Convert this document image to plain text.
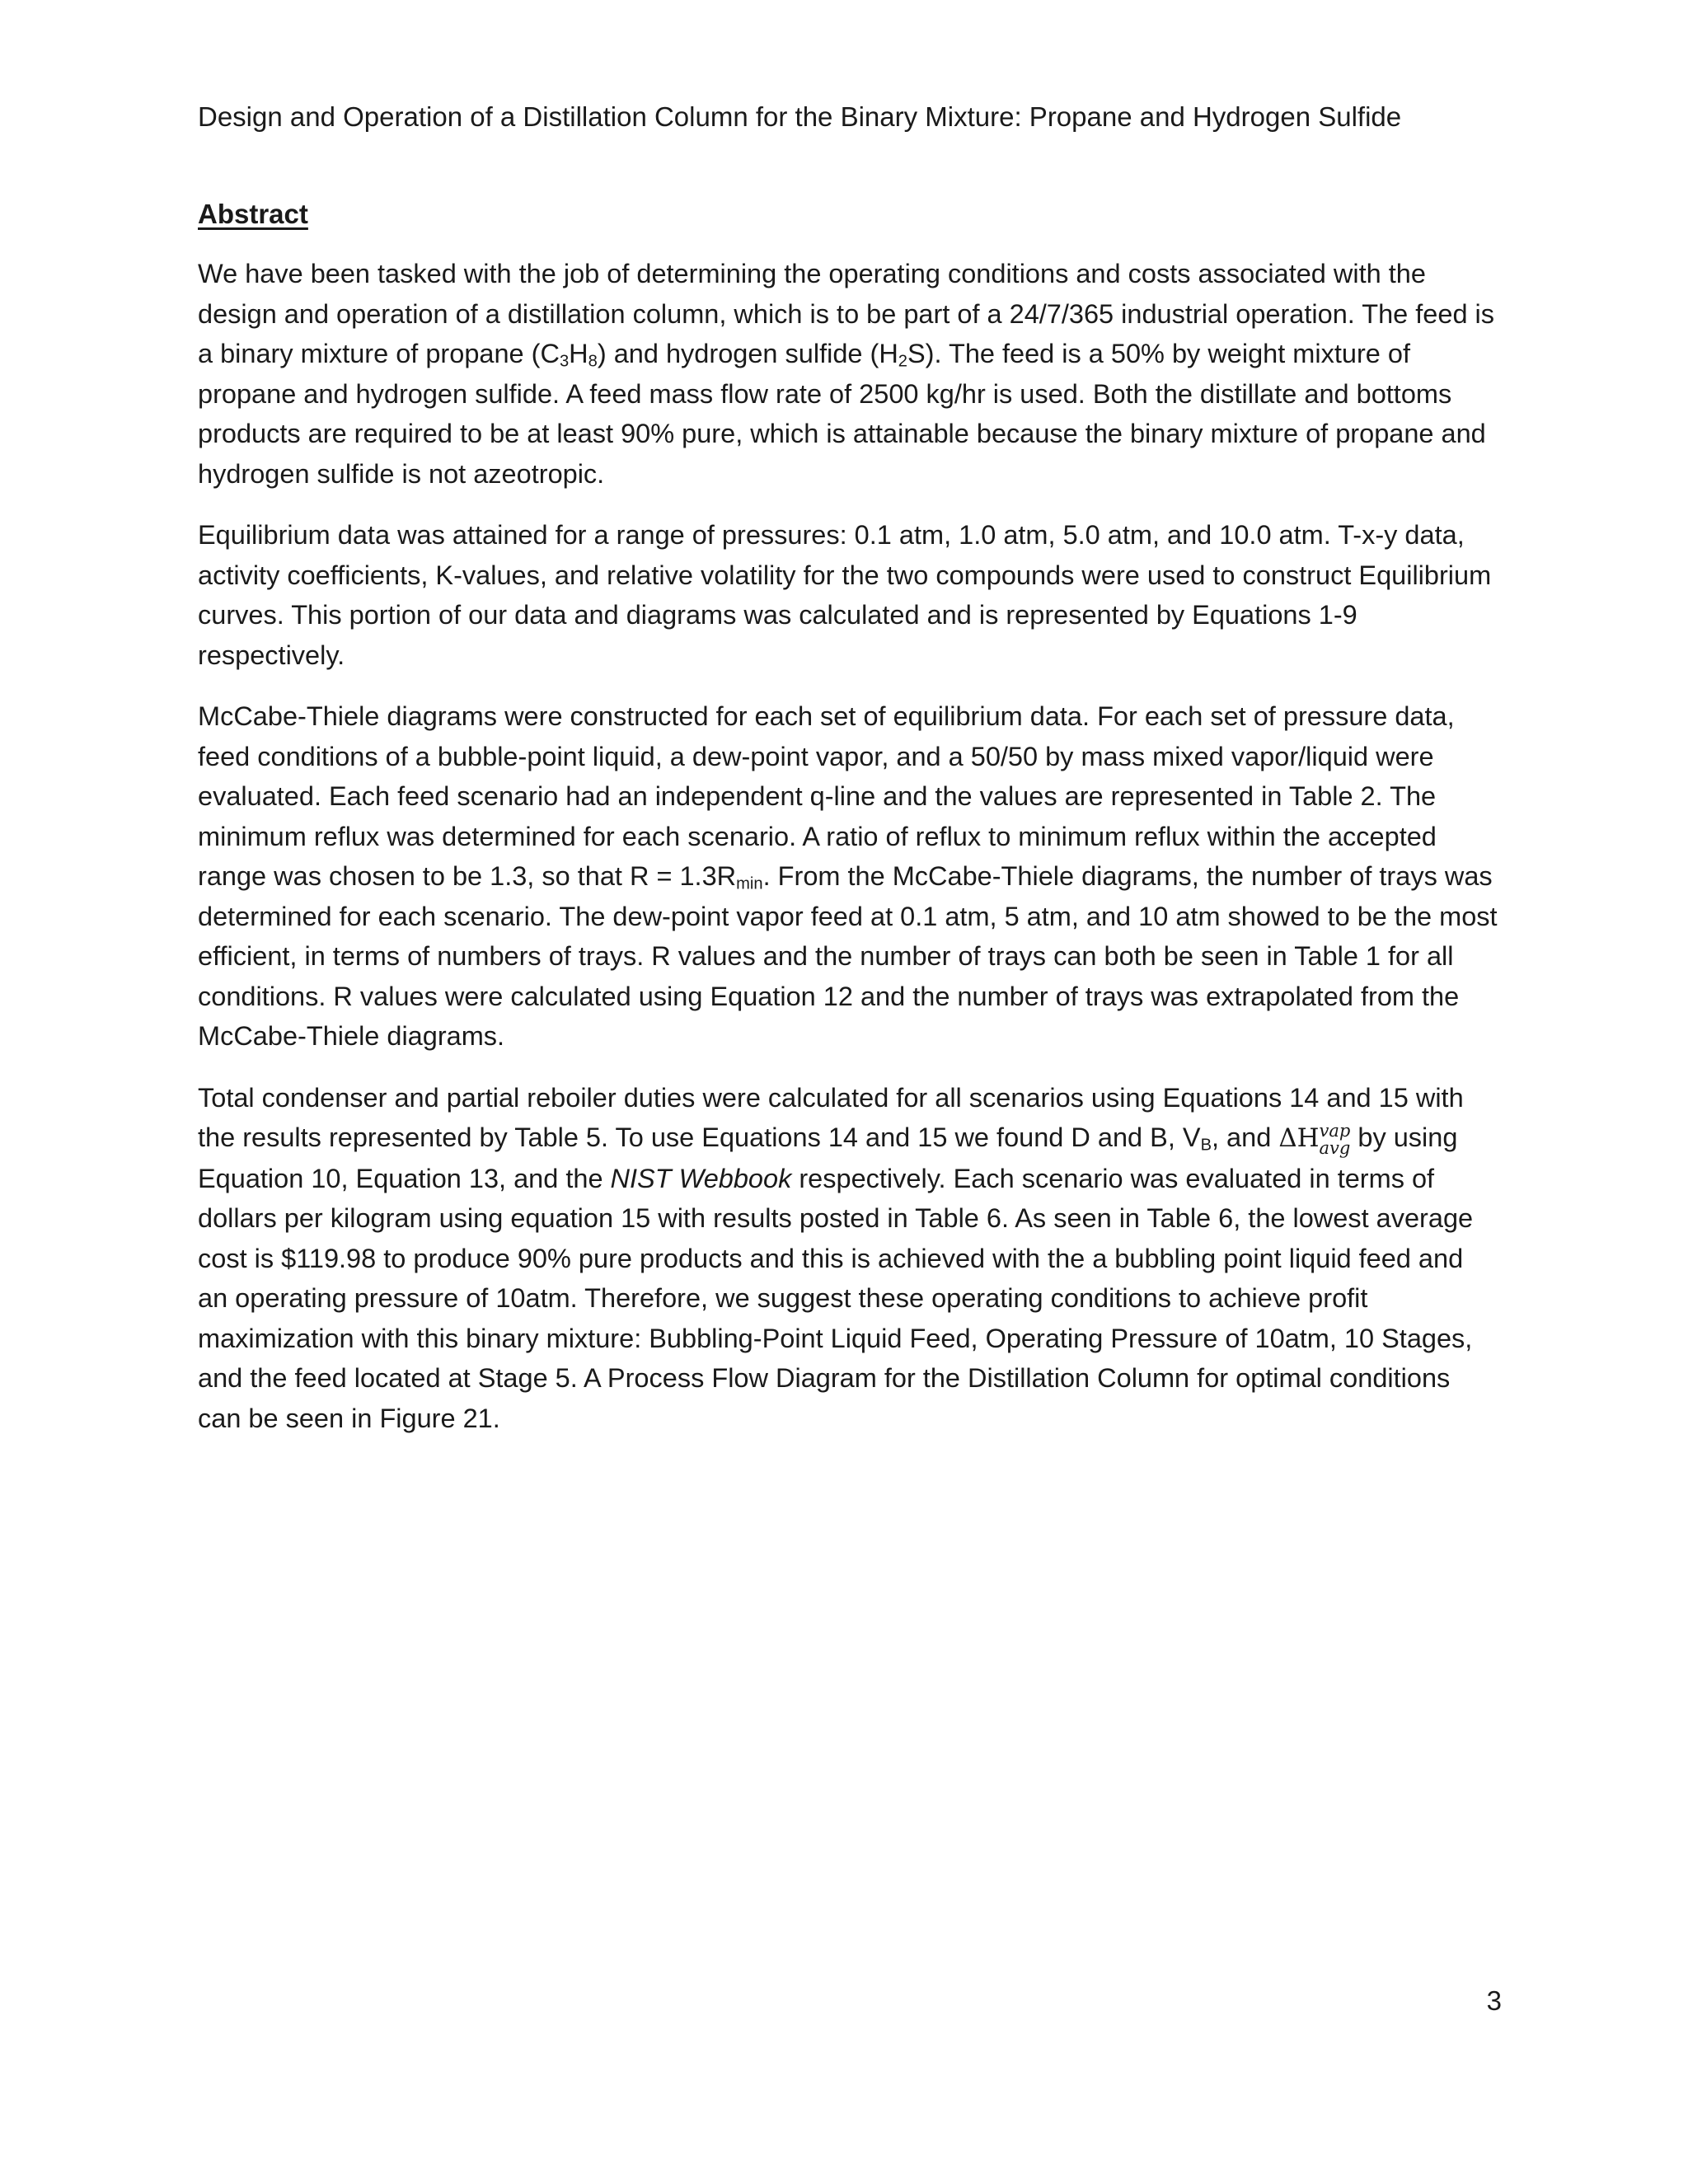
Design and Operation of a Distillation Column for the Binary Mixture: Propane and Hydrogen Sulfide
Abstract

We have been tasked with the job of determining the operating conditions and costs associated with the design and operation of a distillation column, which is to be part of a 24/7/365 industrial operation. The feed is a binary mixture of propane $(C_3H_8)$ and hydrogen sulfide $(H_2S)$. The feed is a 50% by weight mixture of propane and hydrogen sulfide. A feed mass flow rate of 2500 kg/hr is used. Both the distillate and bottoms products are required to be at least 90% pure, which is attainable because the binary mixture of propane and hydrogen sulfide is not azeotropic.

Equilibrium data was attained for a range of pressures: 0.1 atm, 1.0 atm, 5.0 atm, and 10.0 atm. T-x-y data, activity coefficients, K-values, and relative volatility for the two compounds were used to construct Equilibrium curves. This portion of our data and diagrams was calculated and is represented by Equations 1-9 respectively.

McCabe-Thiele diagrams were constructed for each set of equilibrium data. For each set of pressure data, feed conditions of a bubble-point liquid, a dew-point vapor, and a 50/50 by mass mixed vapor/liquid were evaluated. Each feed scenario had an independent q-line and the values are represented in Table 2. The minimum reflux was determined for each scenario. A ratio of reflux to minimum reflux within the accepted range was chosen to be 1.3, so that $R = 1.3R_{min}$. From the McCabe-Thiele diagrams, the number of trays was determined for each scenario. The dew-point vapor feed at 0.1 atm, 5 atm, and 10 atm showed to be the most efficient, in terms of numbers of trays. R values and the number of trays can both be seen in Table 1 for all conditions. R values were calculated using Equation 12 and the number of trays was extrapolated from the McCabe-Thiele diagrams.

Total condenser and partial reboiler duties were calculated for all scenarios using Equations 14 and 15 with the results represented by Table 5. To use Equations 14 and 15 we found D and B, $V_B$, and ΔH vap
avg by using Equation 10, Equation 13, and the NIST Webbook respectively. Each scenario was evaluated in terms of dollars per kilogram using equation 15 with results posted in Table 6. As seen in Table 6, the lowest average cost is $119.98 to produce 90% pure products and this is achieved with the a bubbling point liquid feed and an operating pressure of 10atm. Therefore, we suggest these operating conditions to achieve profit maximization with this binary mixture: Bubbling-Point Liquid Feed, Operating Pressure of 10atm, 10 Stages, and the feed located at Stage 5. A Process Flow Diagram for the Distillation Column for optimal conditions can be seen in Figure 21.

3
